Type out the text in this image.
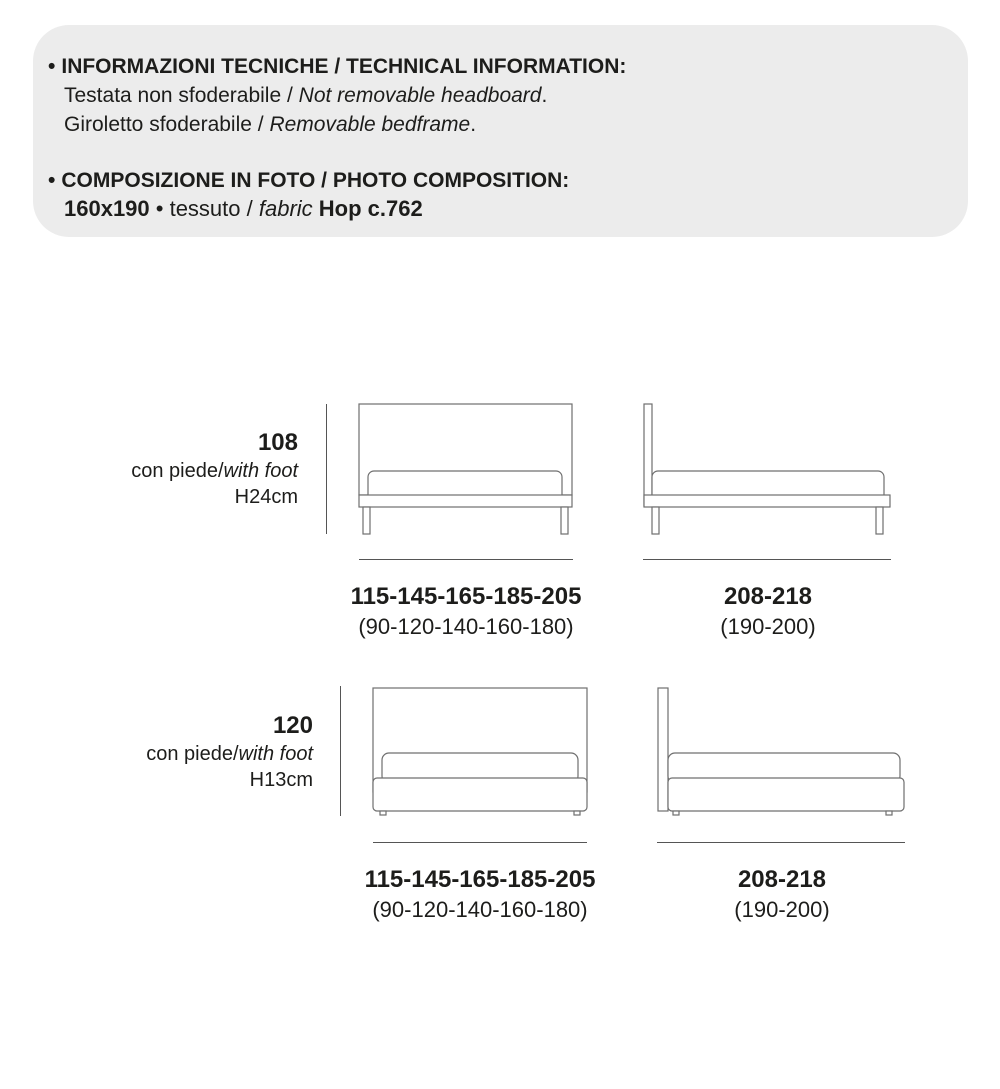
• INFORMAZIONI TECNICHE / TECHNICAL INFORMATION:
Testata non sfoderabile / Not removable headboard.
Giroletto sfoderabile / Removable bedframe.
• COMPOSIZIONE IN FOTO / PHOTO COMPOSITION:
160x190 • tessuto / fabric Hop c.762
108
con piede/with foot
H24cm
115-145-165-185-205
(90-120-140-160-180)
208-218
(190-200)
120
con piede/with foot
H13cm
115-145-165-185-205
(90-120-140-160-180)
208-218
(190-200)
